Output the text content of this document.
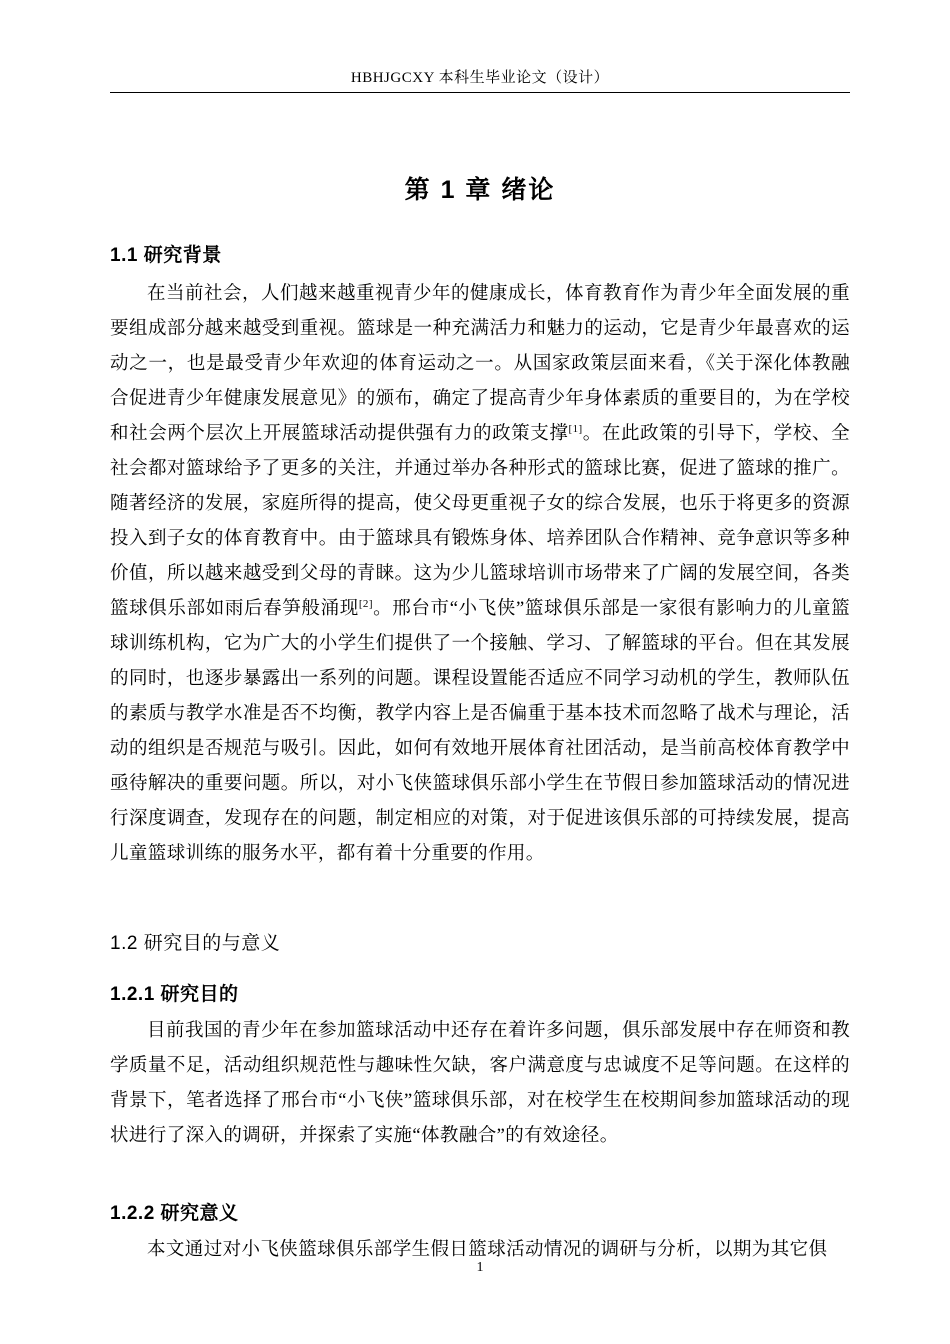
HBHJGCXY 本科生毕业论文（设计）
第 1 章 绪论
1.1 研究背景

在当前社会，人们越来越重视青少年的健康成长，体育教育作为青少年全面发展的重要组成部分越来越受到重视。篮球是一种充满活力和魅力的运动，它是青少年最喜欢的运动之一，也是最受青少年欢迎的体育运动之一。从国家政策层面来看，《关于深化体教融合促进青少年健康发展意见》的颁布，确定了提高青少年身体素质的重要目的，为在学校和社会两个层次上开展篮球活动提供强有力的政策支撑[1]。在此政策的引导下，学校、全社会都对篮球给予了更多的关注，并通过举办各种形式的篮球比赛，促进了篮球的推广。随著经济的发展，家庭所得的提高，使父母更重视子女的综合发展，也乐于将更多的资源投入到子女的体育教育中。由于篮球具有锻炼身体、培养团队合作精神、竞争意识等多种价值，所以越来越受到父母的青睐。这为少儿篮球培训市场带来了广阔的发展空间，各类篮球俱乐部如雨后春笋般涌现[2]。邢台市“小飞侠”篮球俱乐部是一家很有影响力的儿童篮球训练机构，它为广大的小学生们提供了一个接触、学习、了解篮球的平台。但在其发展的同时，也逐步暴露出一系列的问题。课程设置能否适应不同学习动机的学生，教师队伍的素质与教学水准是否不均衡，教学内容上是否偏重于基本技术而忽略了战术与理论，活动的组织是否规范与吸引。因此，如何有效地开展体育社团活动，是当前高校体育教学中亟待解决的重要问题。所以，对小飞侠篮球俱乐部小学生在节假日参加篮球活动的情况进行深度调查，发现存在的问题，制定相应的对策，对于促进该俱乐部的可持续发展，提高儿童篮球训练的服务水平，都有着十分重要的作用。

1.2 研究目的与意义
1.2.1 研究目的

目前我国的青少年在参加篮球活动中还存在着许多问题，俱乐部发展中存在师资和教学质量不足，活动组织规范性与趣味性欠缺，客户满意度与忠诚度不足等问题。在这样的背景下，笔者选择了邢台市“小飞侠”篮球俱乐部，对在校学生在校期间参加篮球活动的现状进行了深入的调研，并探索了实施“体教融合”的有效途径。

1.2.2 研究意义

本文通过对小飞侠篮球俱乐部学生假日篮球活动情况的调研与分析，以期为其它俱

1
